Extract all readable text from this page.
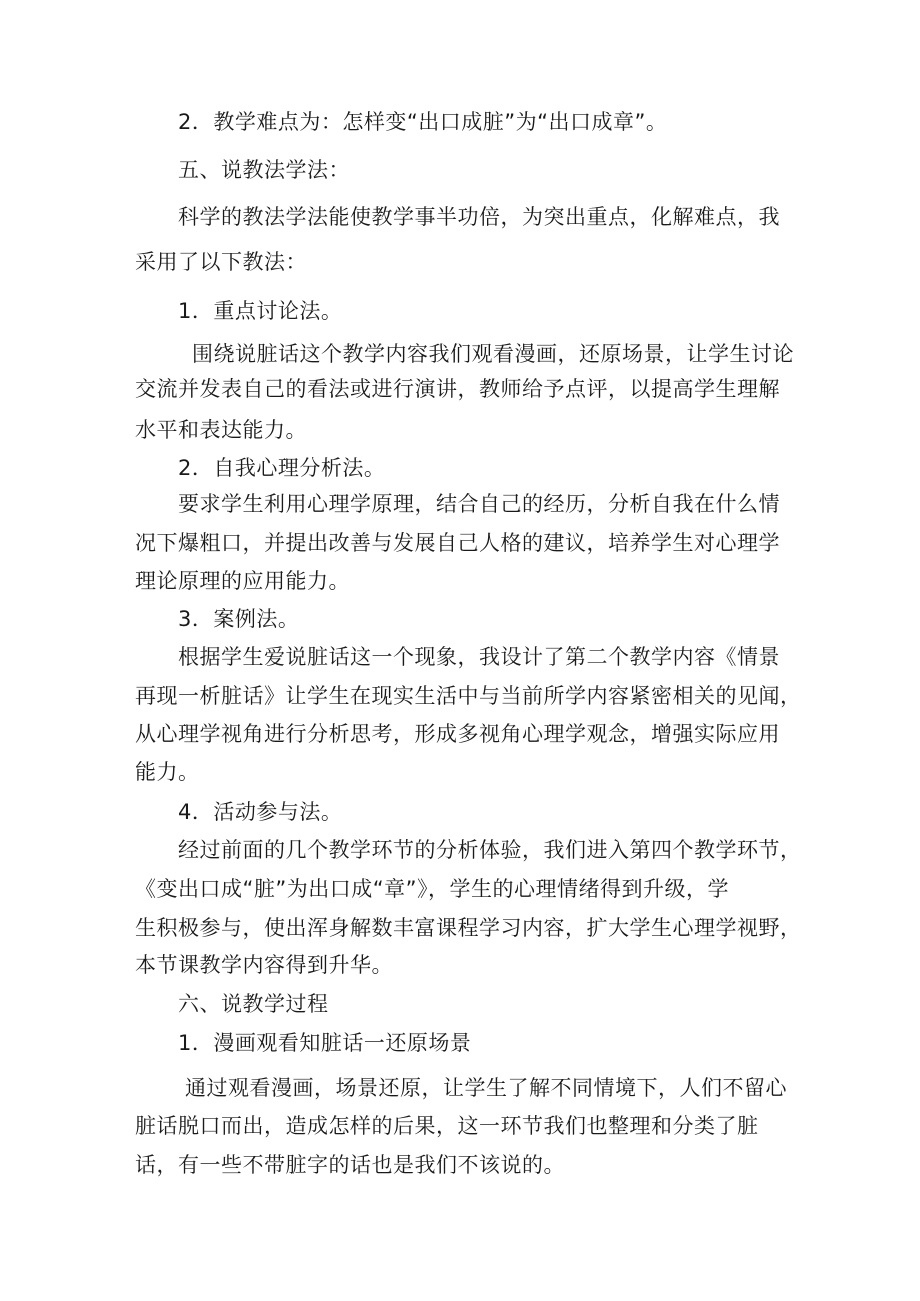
2．教学难点为：怎样变“出口成脏”为“出口成章”。
五、说教法学法：
科学的教法学法能使教学事半功倍，为突出重点，化解难点，我
采用了以下教法：
1．重点讨论法。
围绕说脏话这个教学内容我们观看漫画，还原场景，让学生讨论
交流并发表自己的看法或进行演讲，教师给予点评，以提高学生理解
水平和表达能力。
2．自我心理分析法。
要求学生利用心理学原理，结合自己的经历，分析自我在什么情
况下爆粗口，并提出改善与发展自己人格的建议，培养学生对心理学
理论原理的应用能力。
3．案例法。
根据学生爱说脏话这一个现象，我设计了第二个教学内容《情景
再现一析脏话》让学生在现实生活中与当前所学内容紧密相关的见闻，
从心理学视角进行分析思考，形成多视角心理学观念，增强实际应用
能力。
4．活动参与法。
经过前面的几个教学环节的分析体验，我们进入第四个教学环节，
《变出口成“脏”为出口成“章”》，学生的心理情绪得到升级，学
生积极参与，使出浑身解数丰富课程学习内容，扩大学生心理学视野，
本节课教学内容得到升华。
六、说教学过程
1．漫画观看知脏话一还原场景
通过观看漫画，场景还原，让学生了解不同情境下，人们不留心
脏话脱口而出，造成怎样的后果，这一环节我们也整理和分类了脏
话，有一些不带脏字的话也是我们不该说的。
